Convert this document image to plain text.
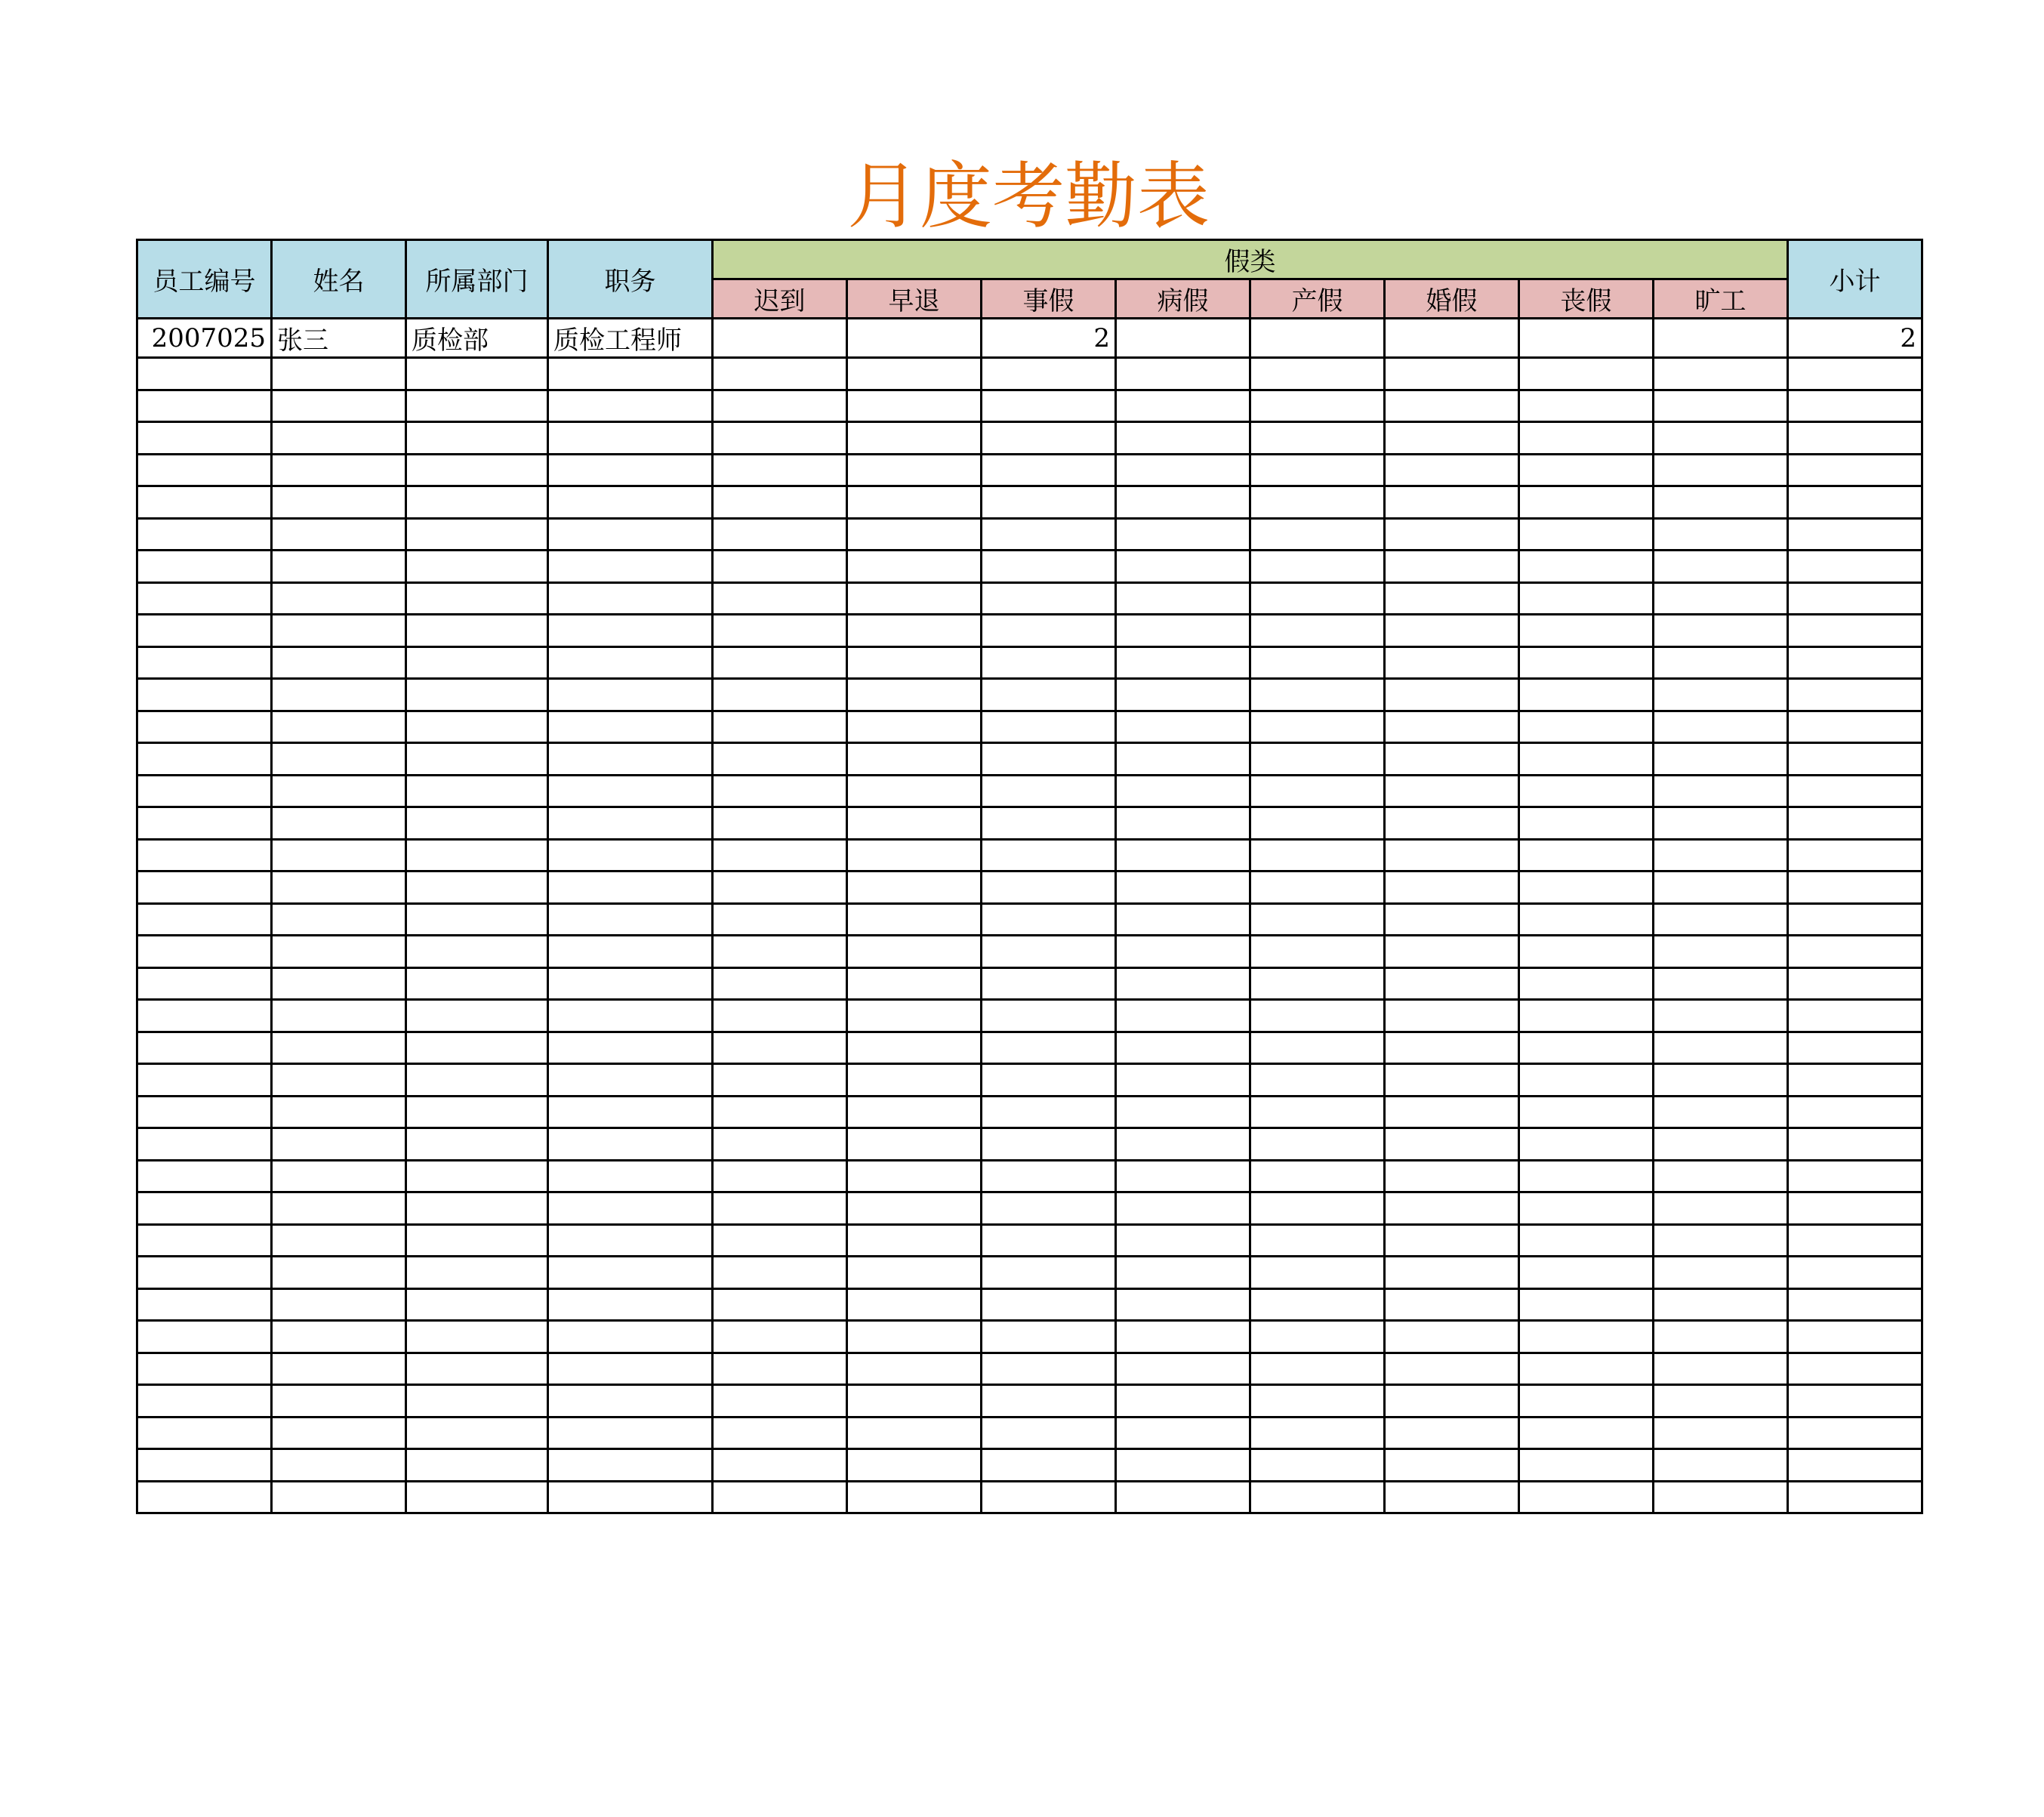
月度考勤表
员工编号	姓名	所属部门	职务	假类								小计
				迟到	早退	事假	病假	产假	婚假	丧假	旷工	
2007025	张三	质检部	质检工程师			2						2
